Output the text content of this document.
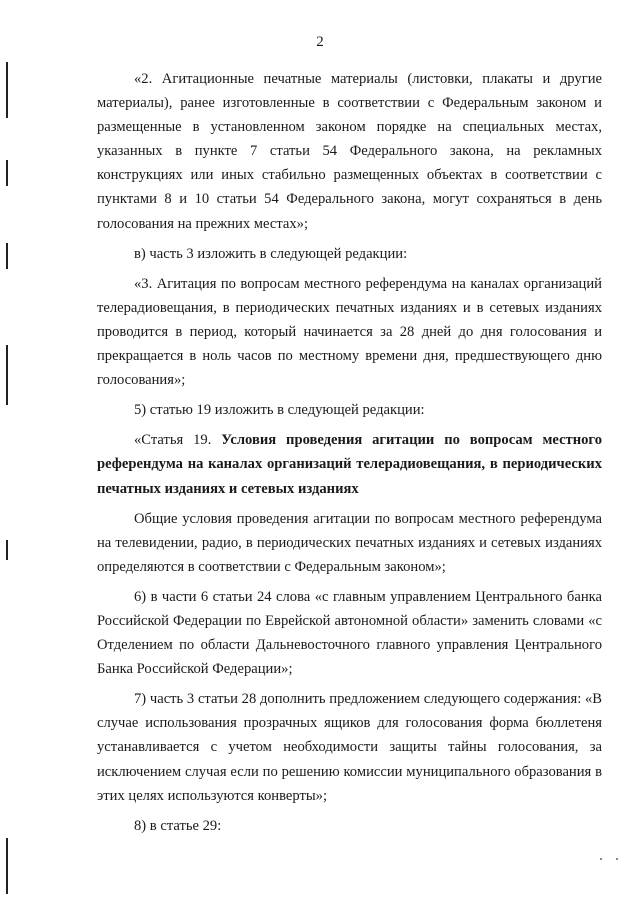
2

«2. Агитационные печатные материалы (листовки, плакаты и другие материалы), ранее изготовленные в соответствии с Федеральным законом и размещенные в установленном законом порядке на специальных местах, указанных в пункте 7 статьи 54 Федерального закона, на рекламных конструкциях или иных стабильно размещенных объектах в соответствии с пунктами 8 и 10 статьи 54 Федерального закона, могут сохраняться в день голосования на прежних местах»;

в) часть 3 изложить в следующей редакции:

«3. Агитация по вопросам местного референдума на каналах организаций телерадиовещания, в периодических печатных изданиях и в сетевых изданиях проводится в период, который начинается за 28 дней до дня голосования и прекращается в ноль часов по местному времени дня, предшествующего дню голосования»;

5) статью 19 изложить в следующей редакции:

«Статья 19. Условия проведения агитации по вопросам местного референдума на каналах организаций телерадиовещания, в периодических печатных изданиях и сетевых изданиях

Общие условия проведения агитации по вопросам местного референдума на телевидении, радио, в периодических печатных изданиях и сетевых изданиях определяются в соответствии с Федеральным законом»;

6) в части 6 статьи 24 слова «с главным управлением Центрального банка Российской Федерации по Еврейской автономной области» заменить словами «с Отделением по области Дальневосточного главного управления Центрального Банка Российской Федерации»;

7) часть 3 статьи 28 дополнить предложением следующего содержания: «В случае использования прозрачных ящиков для голосования форма бюллетеня устанавливается с учетом необходимости защиты тайны голосования, за исключением случая если по решению комиссии муниципального образования в этих целях используются конверты»;

8) в статье 29:
